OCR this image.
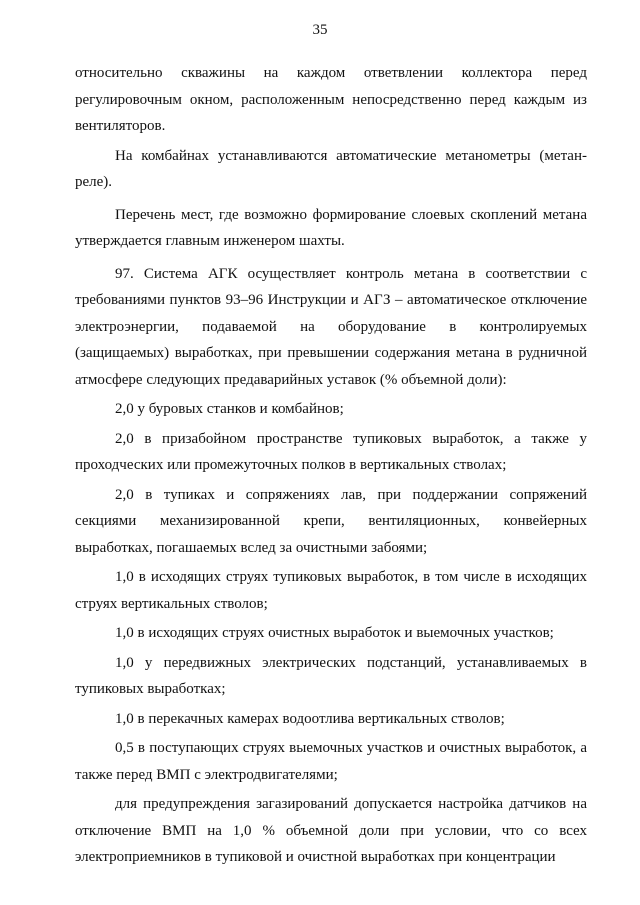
35

относительно скважины на каждом ответвлении коллектора перед регулировочным окном, расположенным непосредственно перед каждым из вентиляторов.

На комбайнах устанавливаются автоматические метанометры (метан-реле).

Перечень мест, где возможно формирование слоевых скоплений метана утверждается главным инженером шахты.

97. Система АГК осуществляет контроль метана в соответствии с требованиями пунктов 93–96 Инструкции и АГЗ – автоматическое отключение электроэнергии, подаваемой на оборудование в контролируемых (защищаемых) выработках, при превышении содержания метана в рудничной атмосфере следующих предаварийных уставок (% объемной доли):

2,0 у буровых станков и комбайнов;

2,0 в призабойном пространстве тупиковых выработок, а также у проходческих или промежуточных полков в вертикальных стволах;

2,0 в тупиках и сопряжениях лав, при поддержании сопряжений секциями механизированной крепи, вентиляционных, конвейерных выработках, погашаемых вслед за очистными забоями;

1,0 в исходящих струях тупиковых выработок, в том числе в исходящих струях вертикальных стволов;

1,0 в исходящих струях очистных выработок и выемочных участков;

1,0 у передвижных электрических подстанций, устанавливаемых в тупиковых выработках;

1,0 в перекачных камерах водоотлива вертикальных стволов;

0,5 в поступающих струях выемочных участков и очистных выработок, а также перед ВМП с электродвигателями;

для предупреждения загазирований допускается настройка датчиков на отключение ВМП на 1,0 % объемной доли при условии, что со всех электроприемников в тупиковой и очистной выработках при концентрации
